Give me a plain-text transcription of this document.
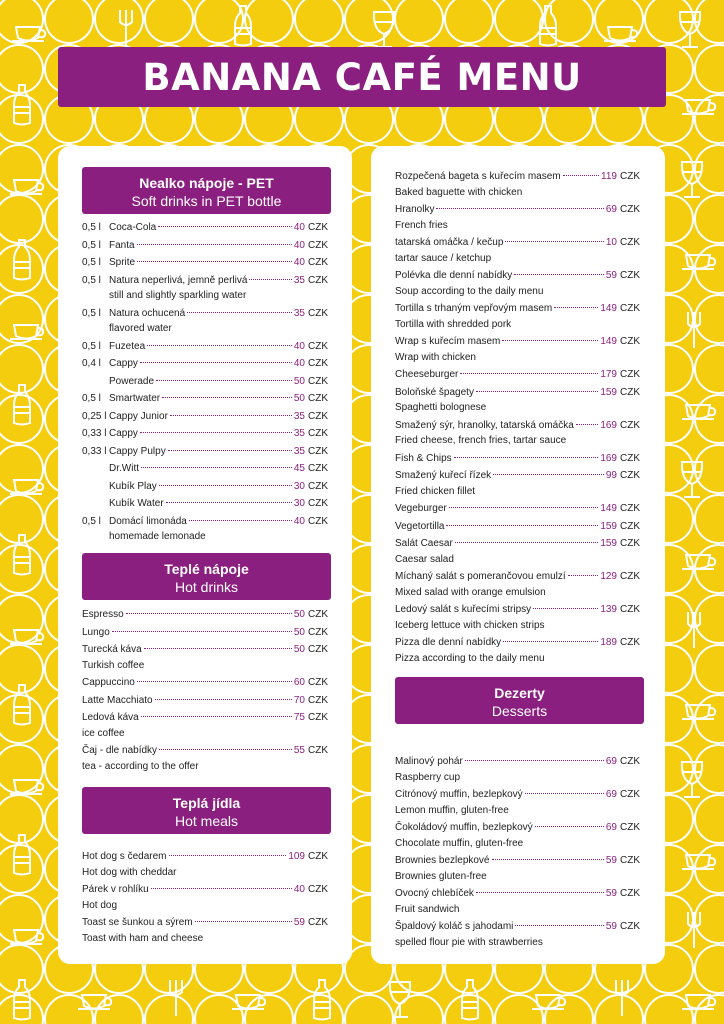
BANANA CAFÉ MENU
Nealko nápoje - PET
Soft drinks in PET bottle
0,5 l Coca-Cola	40 CZK
0,5 l Fanta	40 CZK
0,5 l Sprite	40 CZK
0,5 l Natura neperlivá, jemně perlivá	35 CZK
still and slightly sparkling water
0,5 l Natura ochucená	35 CZK
flavored water
0,5 l Fuzetea	40 CZK
0,4 l Cappy	40 CZK
Powerade	50 CZK
0,5 l Smartwater	50 CZK
0,25 l Cappy Junior	35 CZK
0,33 l Cappy	35 CZK
0,33 l Cappy Pulpy	35 CZK
Dr.Witt	45 CZK
Kubík Play	30 CZK
Kubík Water	30 CZK
0,5 l Domácí limonáda	40 CZK
homemade lemonade
Teplé nápoje
Hot drinks
Espresso	50 CZK
Lungo	50 CZK
Turecká káva	50 CZK
Turkish coffee
Cappuccino	60 CZK
Latte Macchiato	70 CZK
Ledová káva	75 CZK
ice coffee
Čaj - dle nabídky	55 CZK
tea - according to the offer
Teplá jídla
Hot meals
Hot dog s čedarem	109 CZK
Hot dog with cheddar
Párek v rohlíku	40 CZK
Hot dog
Toast se šunkou a sýrem	59 CZK
Toast with ham and cheese
Rozpečená bageta s kuřecím masem	119 CZK
Baked baguette with chicken
Hranolky	69 CZK
French fries
tatarská omáčka / kečup	10 CZK
tartar sauce / ketchup
Polévka dle denní nabídky	59 CZK
Soup according to the daily menu
Tortilla s trhaným vepřovým masem	149 CZK
Tortilla with shredded pork
Wrap s kuřecím masem	149 CZK
Wrap with chicken
Cheeseburger	179 CZK
Boloňské špagety	159 CZK
Spaghetti bolognese
Smažený sýr, hranolky, tatarská omáčka	169 CZK
Fried cheese, french fries, tartar sauce
Fish & Chips	169 CZK
Smažený kuřecí řízek	99 CZK
Fried chicken fillet
Vegeburger	149 CZK
Vegetortilla	159 CZK
Salát Caesar	159 CZK
Caesar salad
Míchaný salát s pomerančovou emulzí	129 CZK
Mixed salad with orange emulsion
Ledový salát s kuřecími stripsy	139 CZK
Iceberg lettuce with chicken strips
Pizza dle denní nabídky	189 CZK
Pizza according to the daily menu
Dezerty
Desserts
Malinový pohár	69 CZK
Raspberry cup
Citrónový muffin, bezlepkový	69 CZK
Lemon muffin, gluten-free
Čokoládový muffin, bezlepkový	69 CZK
Chocolate muffin, gluten-free
Brownies bezlepkové	59 CZK
Brownies gluten-free
Ovocný chlebíček	59 CZK
Fruit sandwich
Špaldový koláč s jahodami	59 CZK
spelled flour pie with strawberries
